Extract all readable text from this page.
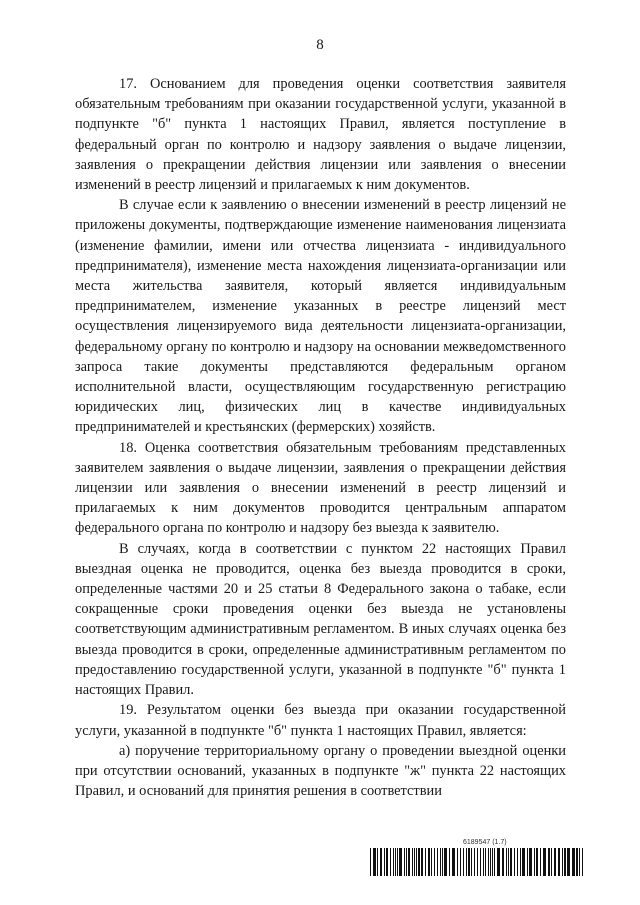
8

17. Основанием для проведения оценки соответствия заявителя обязательным требованиям при оказании государственной услуги, указанной в подпункте "б" пункта 1 настоящих Правил, является поступление в федеральный орган по контролю и надзору заявления о выдаче лицензии, заявления о прекращении действия лицензии или заявления о внесении изменений в реестр лицензий и прилагаемых к ним документов.

В случае если к заявлению о внесении изменений в реестр лицензий не приложены документы, подтверждающие изменение наименования лицензиата (изменение фамилии, имени или отчества лицензиата - индивидуального предпринимателя), изменение места нахождения лицензиата-организации или места жительства заявителя, который является индивидуальным предпринимателем, изменение указанных в реестре лицензий мест осуществления лицензируемого вида деятельности лицензиата-организации, федеральному органу по контролю и надзору на основании межведомственного запроса такие документы представляются федеральным органом исполнительной власти, осуществляющим государственную регистрацию юридических лиц, физических лиц в качестве индивидуальных предпринимателей и крестьянских (фермерских) хозяйств.

18. Оценка соответствия обязательным требованиям представленных заявителем заявления о выдаче лицензии, заявления о прекращении действия лицензии или заявления о внесении изменений в реестр лицензий и прилагаемых к ним документов проводится центральным аппаратом федерального органа по контролю и надзору без выезда к заявителю.

В случаях, когда в соответствии с пунктом 22 настоящих Правил выездная оценка не проводится, оценка без выезда проводится в сроки, определенные частями 20 и 25 статьи 8 Федерального закона о табаке, если сокращенные сроки проведения оценки без выезда не установлены соответствующим административным регламентом. В иных случаях оценка без выезда проводится в сроки, определенные административным регламентом по предоставлению государственной услуги, указанной в подпункте "б" пункта 1 настоящих Правил.

19. Результатом оценки без выезда при оказании государственной услуги, указанной в подпункте "б" пункта 1 настоящих Правил, является:

а) поручение территориальному органу о проведении выездной оценки при отсутствии оснований, указанных в подпункте "ж" пункта 22 настоящих Правил, и оснований для принятия решения в соответствии

6189547 (1.7)
